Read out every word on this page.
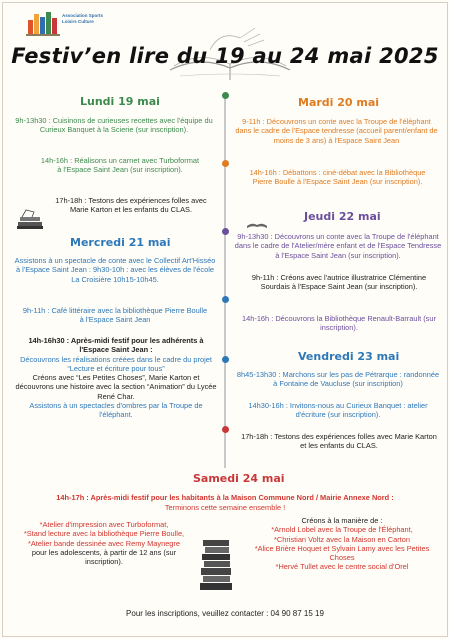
Association Sports
Loisirs Culture
Festiv’en lire du 19 au 24 mai 2025
Lundi 19 mai
9h-13h30 : Cuisinons de curieuses recettes avec l'équipe du Curieux Banquet à la Scierie (sur inscription).
14h-16h : Réalisons un carnet avec Turboformat à l'Espace Saint Jean (sur inscription).
17h-18h : Testons des expériences folles avec Marie Karton et les enfants du CLAS.
Mardi 20 mai
9-11h : Découvrons un conte avec la Troupe de l'éléphant dans le cadre de l'Espace tendresse (accueil parent/enfant de moins de 3 ans) à l'Espace Saint Jean
14h-16h : Débattons : ciné-débat avec la Bibliothèque Pierre Boulle à l'Espace Saint Jean (sur inscription).
Jeudi 22 mai
9h-13h30 : Découvrons un conte avec la Troupe de l'éléphant dans le cadre de l'Atelier/mère enfant et de l'Espace Tendresse à l'Espace Saint Jean (sur inscription).
9h-11h : Créons avec l'autrice illustratrice Clémentine Sourdais à l'Espace Saint Jean (sur inscription).
14h-16h : Découvrons la Bibliothèque Renault-Barrault (sur inscription).
Mercredi 21 mai
Assistons à un spectacle de conte avec le Collectif Art'Hisséo à l'Espace Saint Jean : 9h30-10h : avec les élèves de l'école La Croisière 10h15-10h45.
9h-11h : Café littéraire avec la bibliothèque Pierre Boulle à l'Espace Saint Jean
14h-16h30 : Après-midi festif pour les adhérents à l'Espace Saint Jean :
Découvrons les réalisations créées dans le cadre du projet “Lecture et écriture pour tous”
Créons avec “Les Petites Choses”, Marie Karton et découvrons une histoire avec la section “Animation” du Lycée René Char.
Assistons à un spectacles d'ombres par la Troupe de l'éléphant.
Vendredi 23 mai
8h45-13h30 : Marchons sur les pas de Pétrarque : randonnée à Fontaine de Vaucluse (sur inscription)
14h30-16h : Invitons-nous au Curieux Banquet : atelier d'écriture (sur inscription).
17h-18h : Testons des expériences folles avec Marie Karton et les enfants du CLAS.
Samedi 24 mai
14h-17h : Après-midi festif pour les habitants à la Maison Commune Nord / Mairie Annexe Nord :
Terminons cette semaine ensemble !
*Atelier d'impression avec Turboformat,
*Stand lecture avec la bibliothèque Pierre Boulle,
*Atelier bande dessinée avec Remy Maynegre
pour les adolescents, à partir de 12 ans (sur inscription).
Créons à la manière de :
*Arnold Lobel avec la Troupe de l'Éléphant,
*Christian Voltz avec la Maison en Carton
*Alice Brière Hoquet et Sylvain Lamy avec les Petites Choses
*Hervé Tullet avec le centre social d'Orel
Pour les inscriptions, veuillez contacter : 04 90 87 15 19
